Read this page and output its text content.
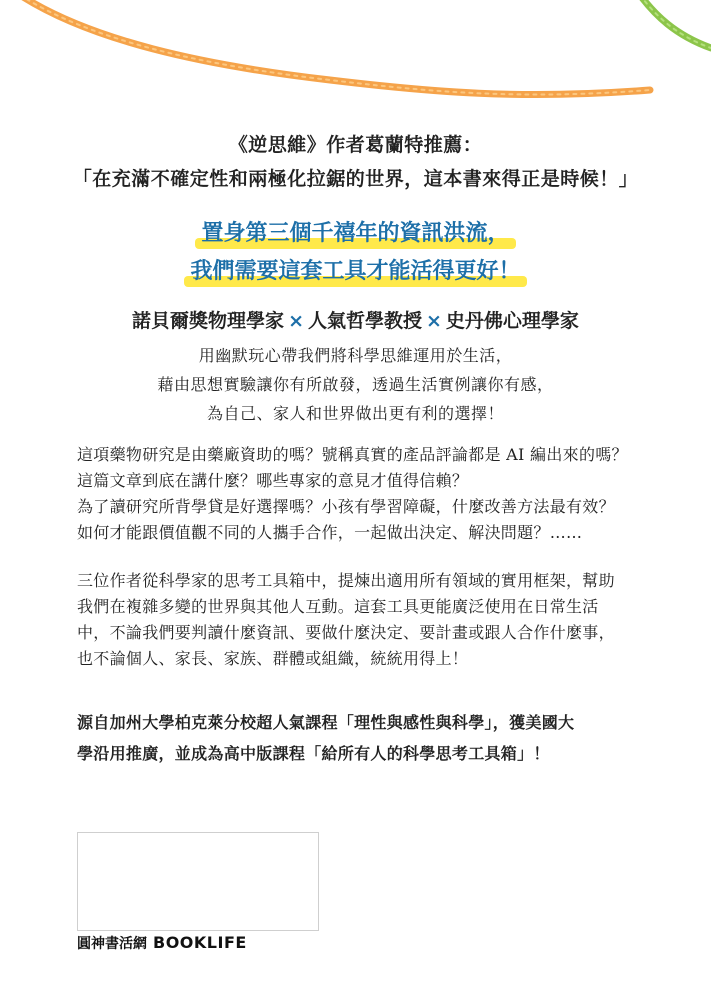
《逆思維》作者葛蘭特推薦：
「在充滿不確定性和兩極化拉鋸的世界，這本書來得正是時候！」
置身第三個千禧年的資訊洪流，
我們需要這套工具才能活得更好！
諾貝爾獎物理學家 × 人氣哲學教授 × 史丹佛心理學家
用幽默玩心帶我們將科學思維運用於生活，
藉由思想實驗讓你有所啟發，透過生活實例讓你有感，
為自己、家人和世界做出更有利的選擇！
這項藥物研究是由藥廠資助的嗎？號稱真實的產品評論都是 AI 編出來的嗎？
這篇文章到底在講什麼？哪些專家的意見才值得信賴？
為了讀研究所背學貸是好選擇嗎？小孩有學習障礙，什麼改善方法最有效？
如何才能跟價值觀不同的人攜手合作，一起做出決定、解決問題？……
三位作者從科學家的思考工具箱中，提煉出適用所有領域的實用框架，幫助
我們在複雜多變的世界與其他人互動。這套工具更能廣泛使用在日常生活
中，不論我們要判讀什麼資訊、要做什麼決定、要計畫或跟人合作什麼事，
也不論個人、家長、家族、群體或組織，統統用得上！
源自加州大學柏克萊分校超人氣課程「理性與感性與科學」，獲美國大
學沿用推廣，並成為高中版課程「給所有人的科學思考工具箱」！
圓神書活網 BOOKLIFE
